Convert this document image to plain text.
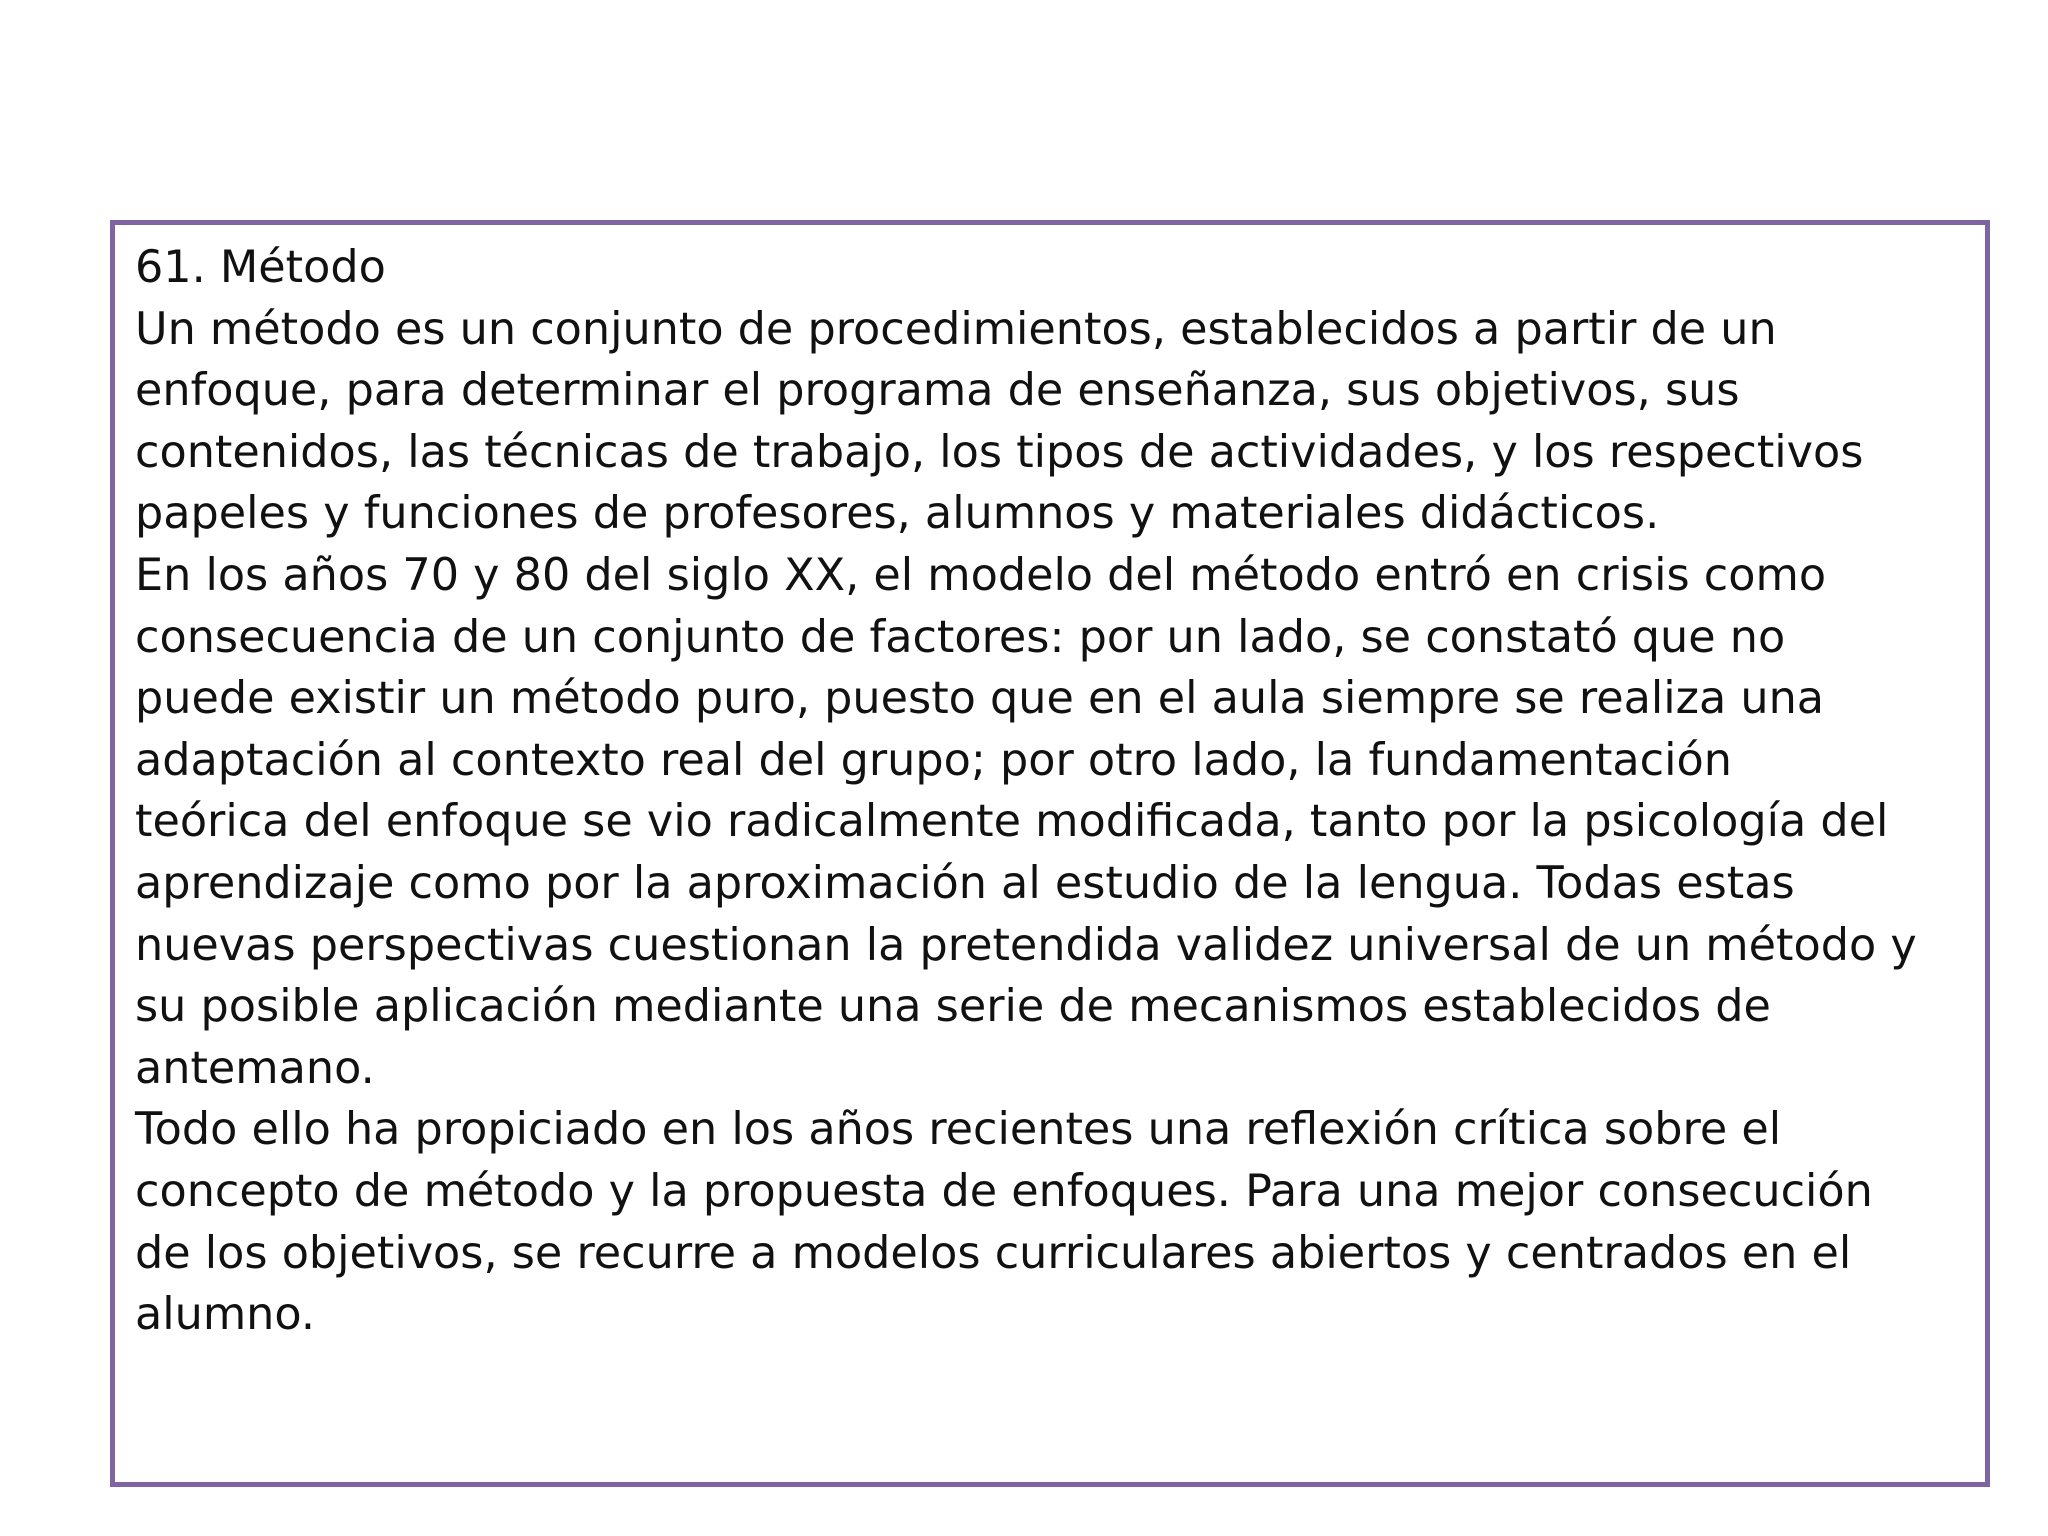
61. Método
Un método es un conjunto de procedimientos, establecidos a partir de un
enfoque, para determinar el programa de enseñanza, sus objetivos, sus
contenidos, las técnicas de trabajo, los tipos de actividades, y los respectivos
papeles y funciones de profesores, alumnos y materiales didácticos.
En los años 70 y 80 del siglo XX, el modelo del método entró en crisis como
consecuencia de un conjunto de factores: por un lado, se constató que no
puede existir un método puro, puesto que en el aula siempre se realiza una
adaptación al contexto real del grupo; por otro lado, la fundamentación
teórica del enfoque se vio radicalmente modificada, tanto por la psicología del
aprendizaje como por la aproximación al estudio de la lengua. Todas estas
nuevas perspectivas cuestionan la pretendida validez universal de un método y
su posible aplicación mediante una serie de mecanismos establecidos de
antemano.
Todo ello ha propiciado en los años recientes una reflexión crítica sobre el
concepto de método y la propuesta de enfoques. Para una mejor consecución
de los objetivos, se recurre a modelos curriculares abiertos y centrados en el
alumno.
